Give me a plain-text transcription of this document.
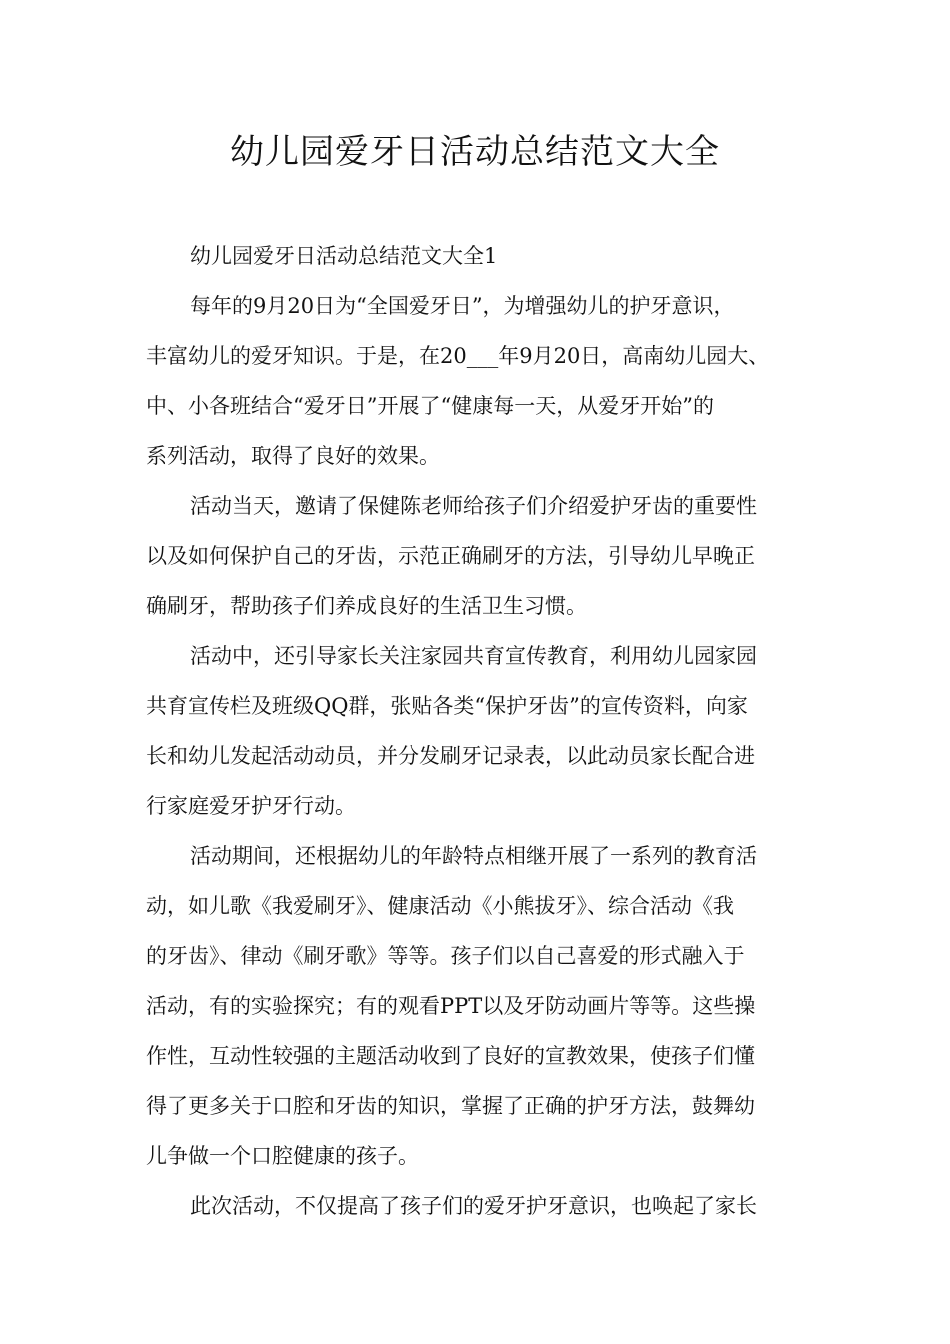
幼儿园爱牙日活动总结范文大全
幼儿园爱牙日活动总结范文大全1
每年的9月20日为“全国爱牙日”，为增强幼儿的护牙意识，
丰富幼儿的爱牙知识。于是，在20___年9月20日，高南幼儿园大、
中、小各班结合“爱牙日”开展了“健康每一天，从爱牙开始”的
系列活动，取得了良好的效果。
活动当天，邀请了保健陈老师给孩子们介绍爱护牙齿的重要性
以及如何保护自己的牙齿，示范正确刷牙的方法，引导幼儿早晚正
确刷牙，帮助孩子们养成良好的生活卫生习惯。
活动中，还引导家长关注家园共育宣传教育，利用幼儿园家园
共育宣传栏及班级QQ群，张贴各类“保护牙齿”的宣传资料，向家
长和幼儿发起活动动员，并分发刷牙记录表，以此动员家长配合进
行家庭爱牙护牙行动。
活动期间，还根据幼儿的年龄特点相继开展了一系列的教育活
动，如儿歌《我爱刷牙》、健康活动《小熊拔牙》、综合活动《我
的牙齿》、律动《刷牙歌》等等。孩子们以自己喜爱的形式融入于
活动，有的实验探究；有的观看PPT以及牙防动画片等等。这些操
作性，互动性较强的主题活动收到了良好的宣教效果，使孩子们懂
得了更多关于口腔和牙齿的知识，掌握了正确的护牙方法，鼓舞幼
儿争做一个口腔健康的孩子。
此次活动，不仅提高了孩子们的爱牙护牙意识，也唤起了家长
